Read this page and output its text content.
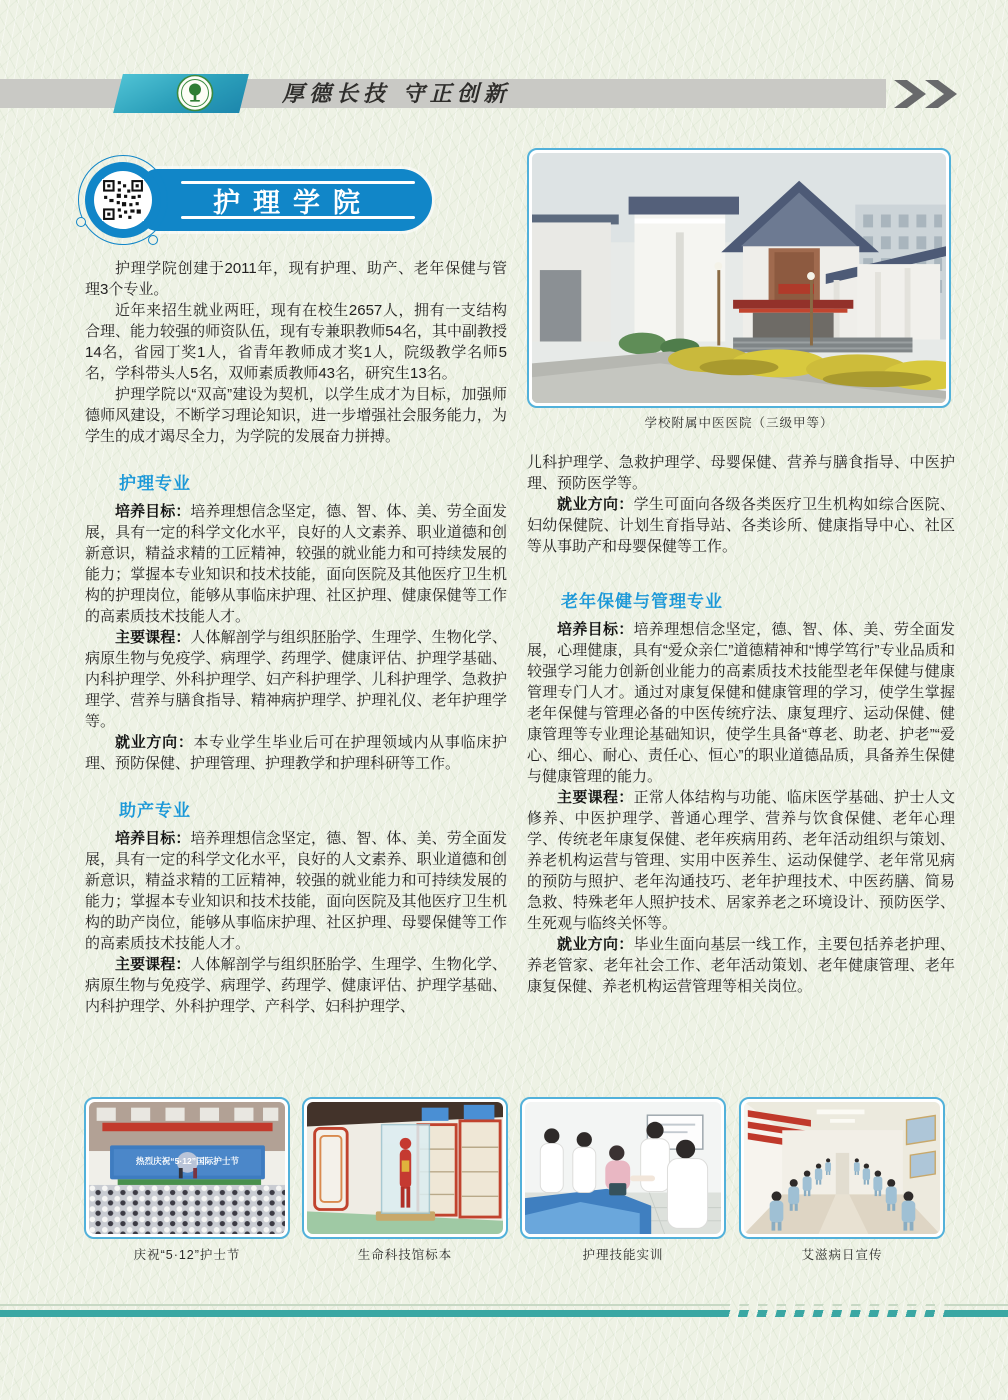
厚德长技 守正创新
护理学院
学校附属中医医院（三级甲等）

护理学院创建于2011年，现有护理、助产、老年保健与管理3个专业。

近年来招生就业两旺，现有在校生2657人，拥有一支结构合理、能力较强的师资队伍，现有专兼职教师54名，其中副教授14名，省园丁奖1人，省青年教师成才奖1人，院级教学名师5名，学科带头人5名，双师素质教师43名，研究生13名。

护理学院以“双高”建设为契机，以学生成才为目标，加强师德师风建设，不断学习理论知识，进一步增强社会服务能力，为学生的成才竭尽全力，为学院的发展奋力拼搏。

护理专业

培养目标：培养理想信念坚定，德、智、体、美、劳全面发展，具有一定的科学文化水平，良好的人文素养、职业道德和创新意识，精益求精的工匠精神，较强的就业能力和可持续发展的能力；掌握本专业知识和技术技能，面向医院及其他医疗卫生机构的护理岗位，能够从事临床护理、社区护理、健康保健等工作的高素质技术技能人才。

主要课程：人体解剖学与组织胚胎学、生理学、生物化学、病原生物与免疫学、病理学、药理学、健康评估、护理学基础、内科护理学、外科护理学、妇产科护理学、儿科护理学、急救护理学、营养与膳食指导、精神病护理学、护理礼仪、老年护理学等。

就业方向：本专业学生毕业后可在护理领域内从事临床护理、预防保健、护理管理、护理教学和护理科研等工作。

助产专业

培养目标：培养理想信念坚定，德、智、体、美、劳全面发展，具有一定的科学文化水平，良好的人文素养、职业道德和创新意识，精益求精的工匠精神，较强的就业能力和可持续发展的能力；掌握本专业知识和技术技能，面向医院及其他医疗卫生机构的助产岗位，能够从事临床护理、社区护理、母婴保健等工作的高素质技术技能人才。

主要课程：人体解剖学与组织胚胎学、生理学、生物化学、病原生物与免疫学、病理学、药理学、健康评估、护理学基础、内科护理学、外科护理学、产科学、妇科护理学、

儿科护理学、急救护理学、母婴保健、营养与膳食指导、中医护理、预防医学等。

就业方向：学生可面向各级各类医疗卫生机构如综合医院、妇幼保健院、计划生育指导站、各类诊所、健康指导中心、社区等从事助产和母婴保健等工作。

老年保健与管理专业

培养目标：培养理想信念坚定，德、智、体、美、劳全面发展，心理健康，具有“爱众亲仁”道德精神和“博学笃行”专业品质和较强学习能力创新创业能力的高素质技术技能型老年保健与健康管理专门人才。通过对康复保健和健康管理的学习，使学生掌握老年保健与管理必备的中医传统疗法、康复理疗、运动保健、健康管理等专业理论基础知识，使学生具备“尊老、助老、护老”“爱心、细心、耐心、责任心、恒心”的职业道德品质，具备养生保健与健康管理的能力。

主要课程：正常人体结构与功能、临床医学基础、护士人文修养、中医护理学、普通心理学、营养与饮食保健、老年心理学、传统老年康复保健、老年疾病用药、老年活动组织与策划、养老机构运营与管理、实用中医养生、运动保健学、老年常见病的预防与照护、老年沟通技巧、老年护理技术、中医药膳、简易急救、特殊老年人照护技术、居家养老之环境设计、预防医学、生死观与临终关怀等。

就业方向：毕业生面向基层一线工作，主要包括养老护理、养老管家、老年社会工作、老年活动策划、老年健康管理、老年康复保健、养老机构运营管理等相关岗位。

热烈庆祝“5·12”国际护士节
庆祝“5·12”护士节	生命科技馆标本	护理技能实训	艾滋病日宣传
